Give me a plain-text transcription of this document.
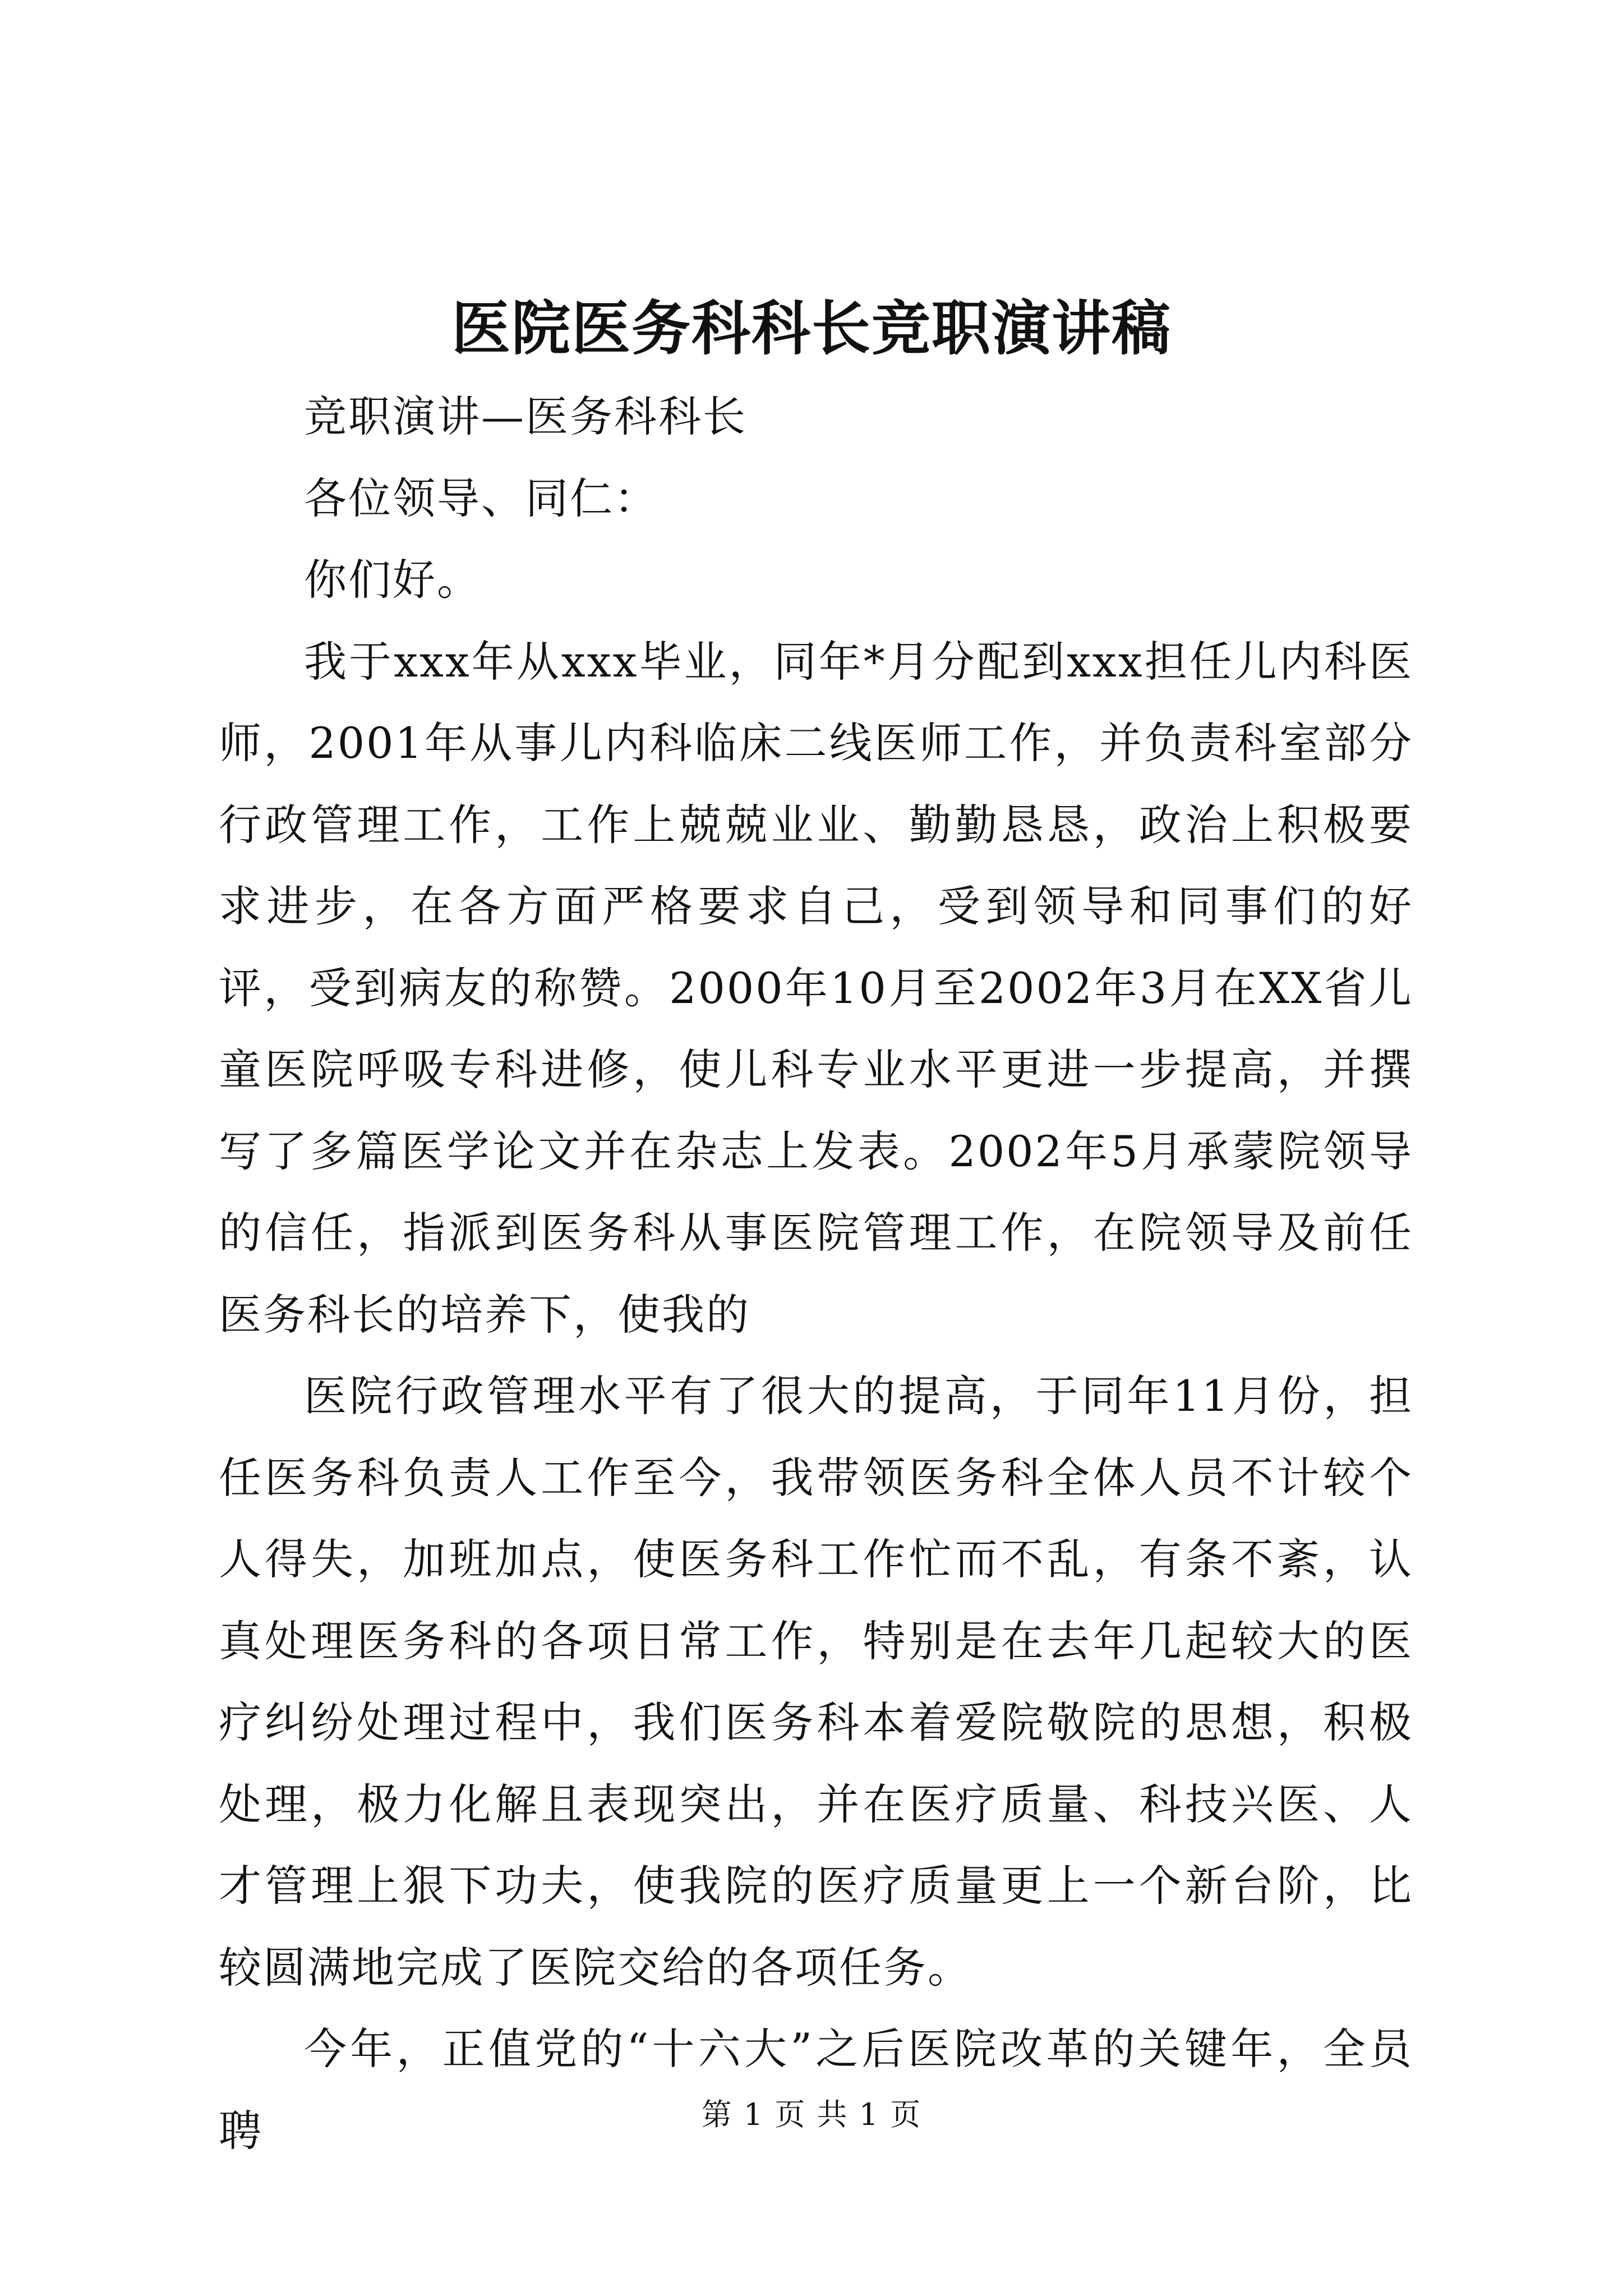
医院医务科科长竞职演讲稿

竞职演讲—医务科科长

各位领导、同仁：

你们好。

我于xxx年从xxx毕业，同年*月分配到xxx担任儿内科医师，2001年从事儿内科临床二线医师工作，并负责科室部分行政管理工作，工作上兢兢业业、勤勤恳恳，政治上积极要求进步，在各方面严格要求自己，受到领导和同事们的好评，受到病友的称赞。2000年10月至2002年3月在XX省儿童医院呼吸专科进修，使儿科专业水平更进一步提高，并撰写了多篇医学论文并在杂志上发表。2002年5月承蒙院领导的信任，指派到医务科从事医院管理工作，在院领导及前任医务科长的培养下，使我的

医院行政管理水平有了很大的提高，于同年11月份，担任医务科负责人工作至今，我带领医务科全体人员不计较个人得失，加班加点，使医务科工作忙而不乱，有条不紊，认真处理医务科的各项日常工作，特别是在去年几起较大的医疗纠纷处理过程中，我们医务科本着爱院敬院的思想，积极处理，极力化解且表现突出，并在医疗质量、科技兴医、人才管理上狠下功夫，使我院的医疗质量更上一个新台阶，比较圆满地完成了医院交给的各项任务。

今年，正值党的“十六大”之后医院改革的关键年，全员聘	第 1 页 共 1 页
